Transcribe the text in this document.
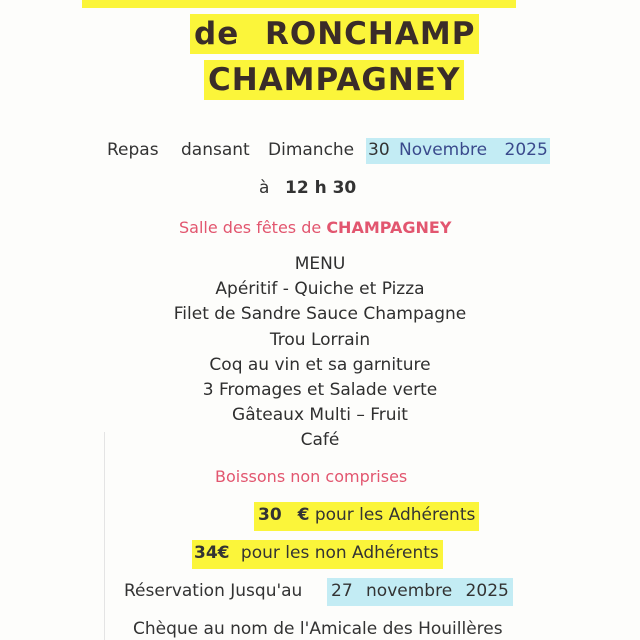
de RONCHAMP
CHAMPAGNEY
Repas dansant Dimanche 30 Novembre 2025
à 12 h 30
Salle des fêtes de CHAMPAGNEY
MENU
Apéritif - Quiche et Pizza
Filet de Sandre Sauce Champagne
Trou Lorrain
Coq au vin et sa garniture
3 Fromages et Salade verte
Gâteaux Multi – Fruit
Café
Boissons non comprises
30 € pour les Adhérents
34€ pour les non Adhérents
Réservation Jusqu'au 27 novembre 2025
Chèque au nom de l'Amicale des Houillères
